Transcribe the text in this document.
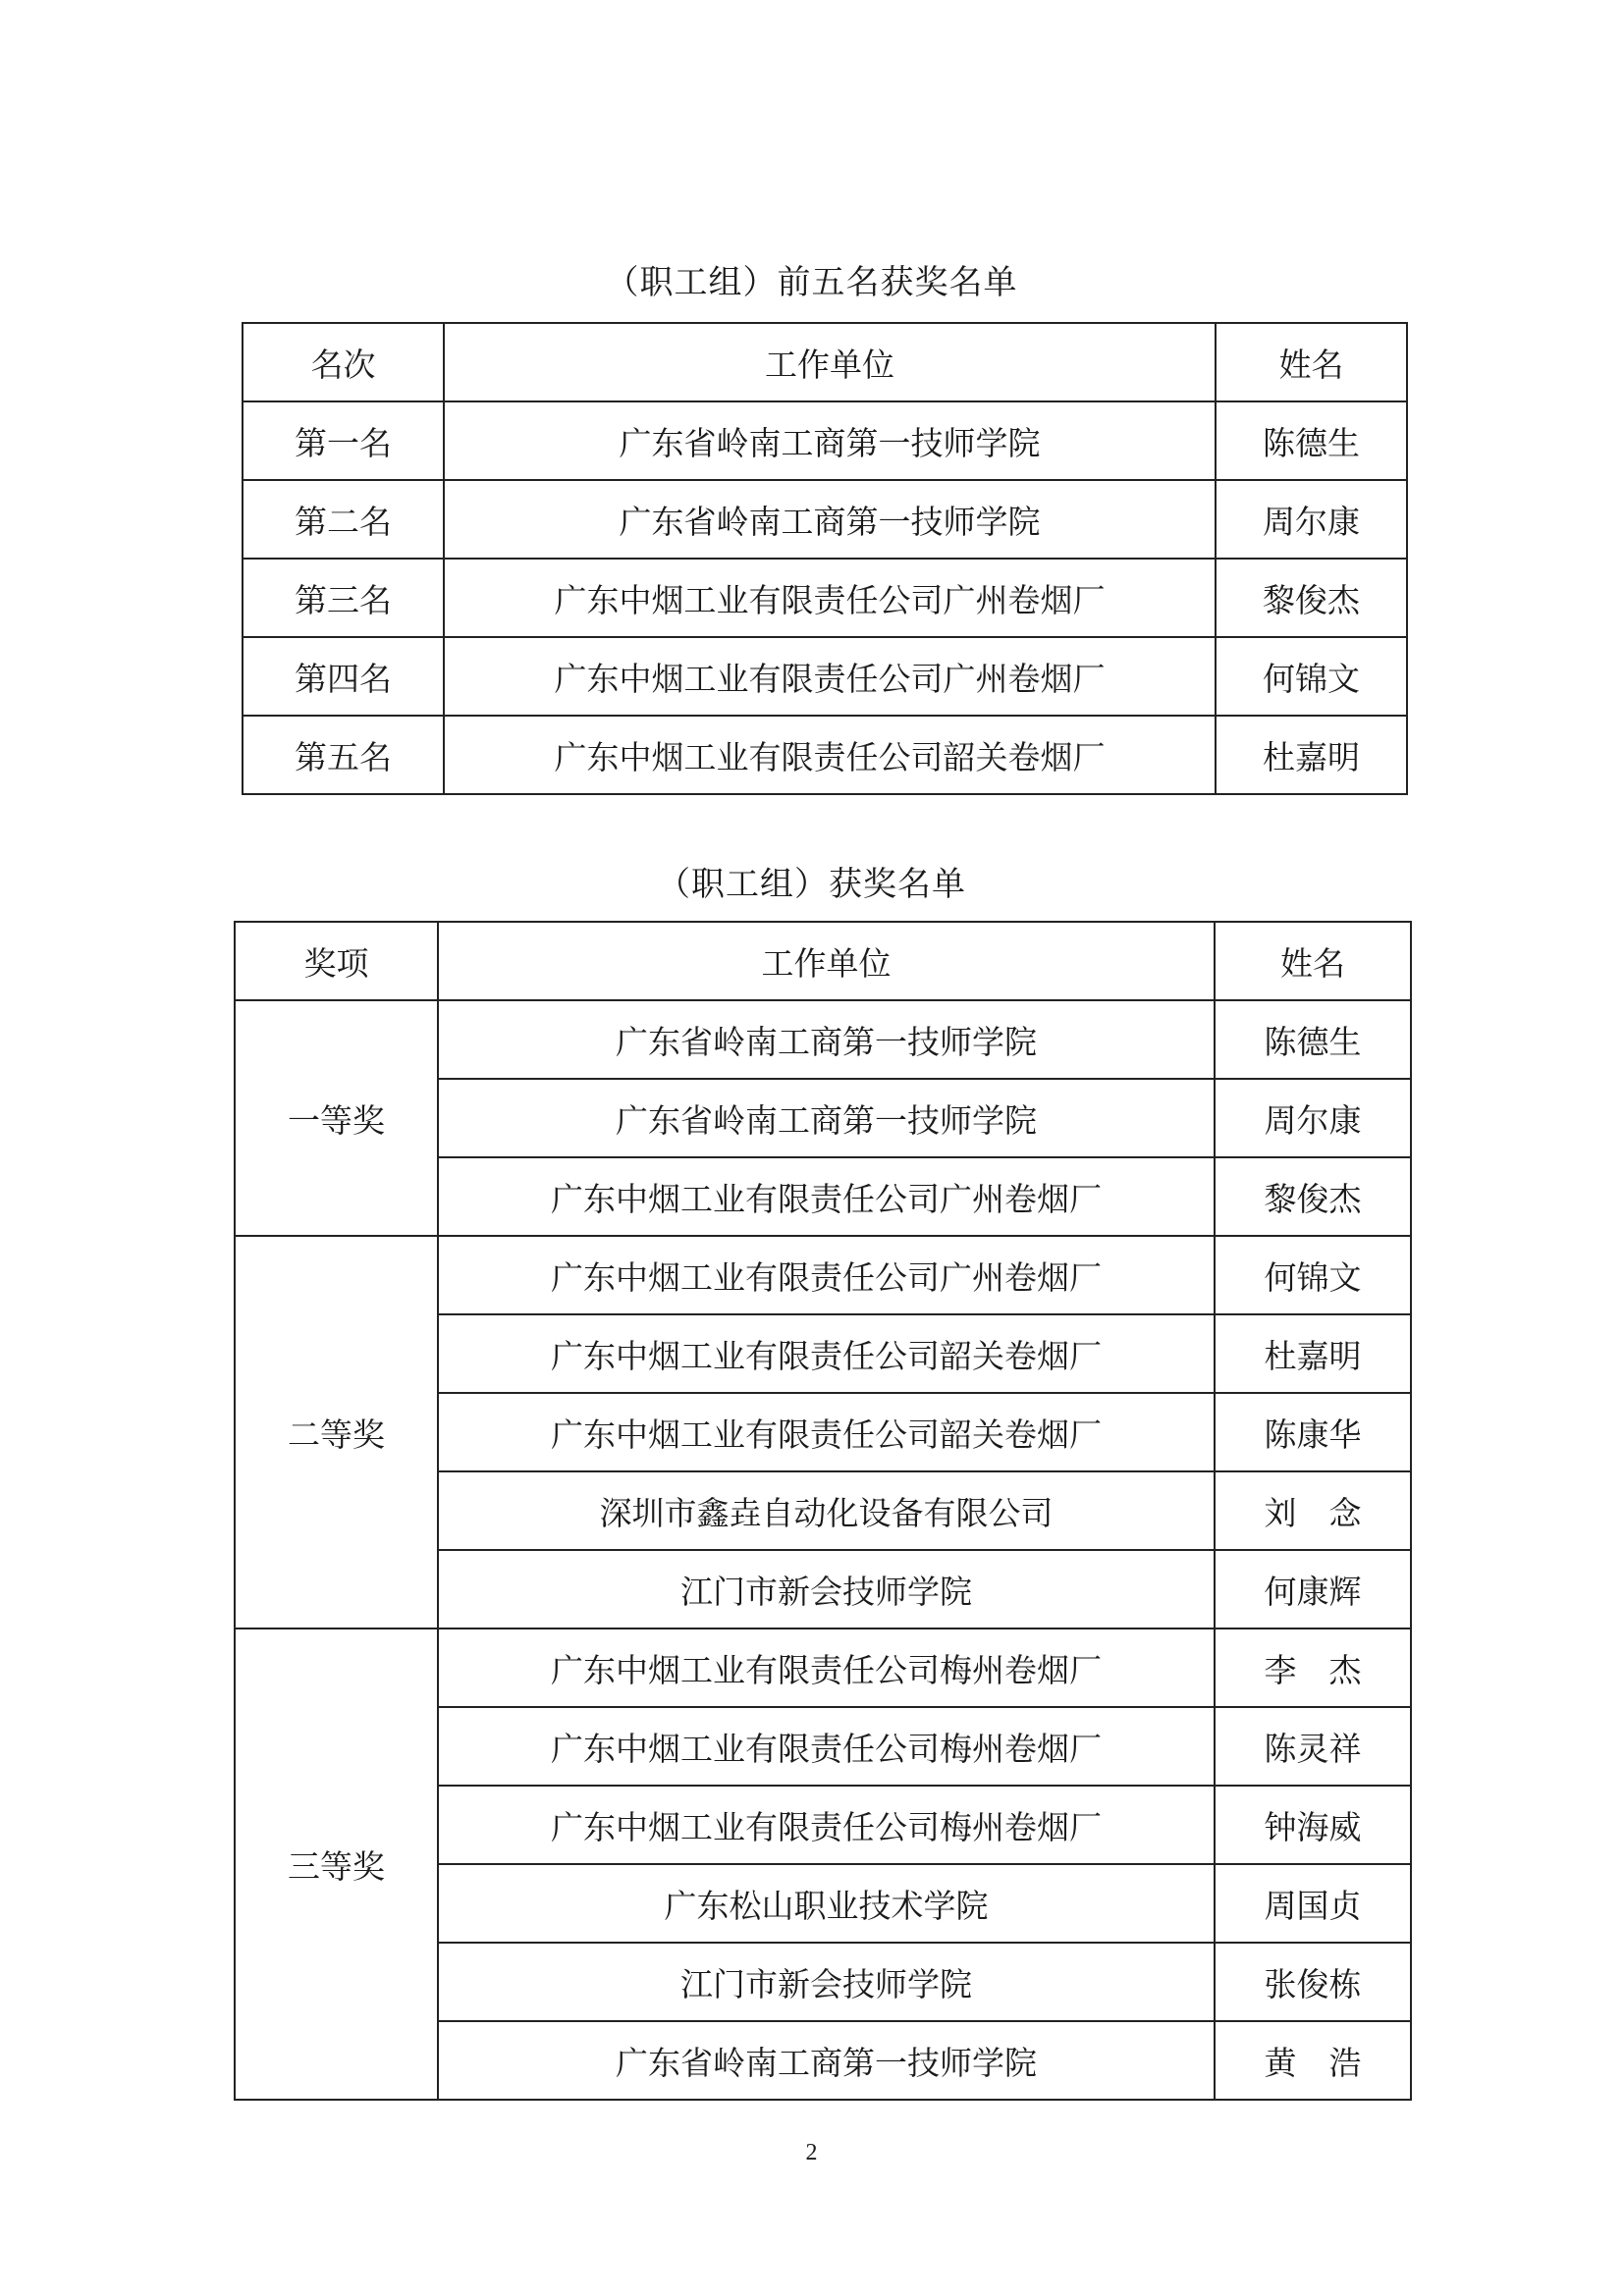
（职工组）前五名获奖名单
名次	工作单位	姓名
第一名	广东省岭南工商第一技师学院	陈德生
第二名	广东省岭南工商第一技师学院	周尔康
第三名	广东中烟工业有限责任公司广州卷烟厂	黎俊杰
第四名	广东中烟工业有限责任公司广州卷烟厂	何锦文
第五名	广东中烟工业有限责任公司韶关卷烟厂	杜嘉明
（职工组）获奖名单
奖项	工作单位	姓名
一等奖	广东省岭南工商第一技师学院	陈德生
	广东省岭南工商第一技师学院	周尔康
	广东中烟工业有限责任公司广州卷烟厂	黎俊杰
二等奖	广东中烟工业有限责任公司广州卷烟厂	何锦文
	广东中烟工业有限责任公司韶关卷烟厂	杜嘉明
	广东中烟工业有限责任公司韶关卷烟厂	陈康华
	深圳市鑫垚自动化设备有限公司	刘　念
	江门市新会技师学院	何康辉
三等奖	广东中烟工业有限责任公司梅州卷烟厂	李　杰
	广东中烟工业有限责任公司梅州卷烟厂	陈灵祥
	广东中烟工业有限责任公司梅州卷烟厂	钟海威
	广东松山职业技术学院	周国贞
	江门市新会技师学院	张俊栋
	广东省岭南工商第一技师学院	黄　浩
2
